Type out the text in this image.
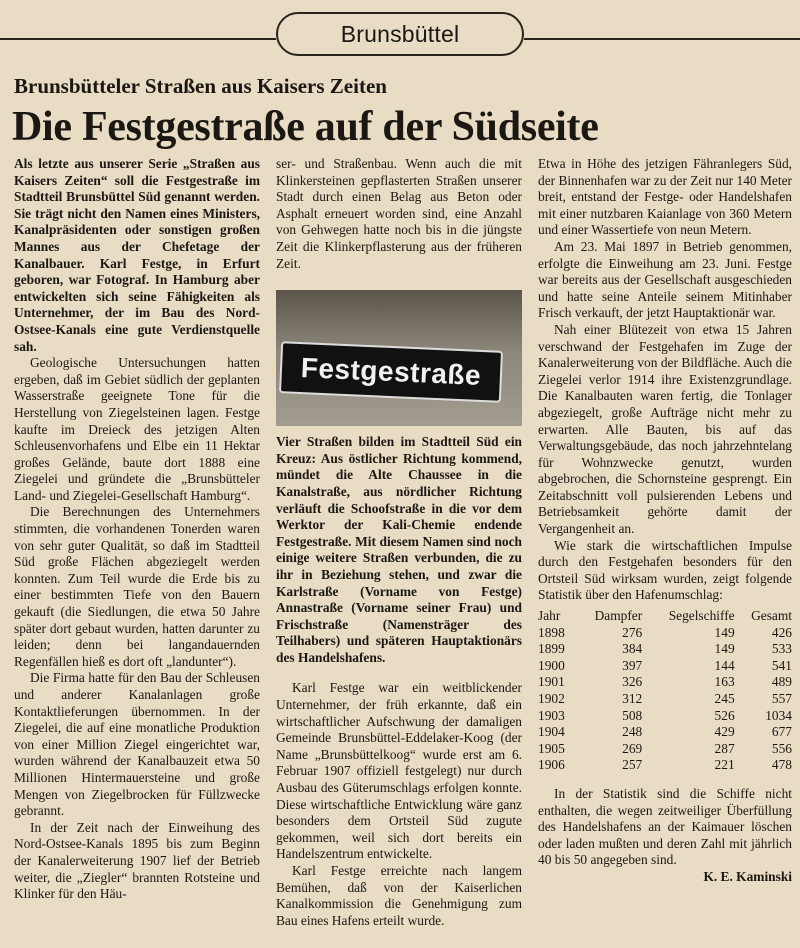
Brunsbüttel
Brunsbütteler Straßen aus Kaisers Zeiten
Die Festgestraße auf der Südseite

Als letzte aus unserer Serie „Straßen aus Kaisers Zeiten“ soll die Festgestraße im Stadtteil Brunsbüttel Süd genannt werden. Sie trägt nicht den Namen eines Ministers, Kanalpräsidenten oder sonstigen großen Mannes aus der Chefetage der Kanalbauer. Karl Festge, in Erfurt geboren, war Fotograf. In Hamburg aber entwickelten sich seine Fähigkeiten als Unternehmer, der im Bau des Nord-Ostsee-Kanals eine gute Verdienstquelle sah.

Geologische Untersuchungen hatten ergeben, daß im Gebiet südlich der geplanten Wasserstraße geeignete Tone für die Herstellung von Ziegelsteinen lagen. Festge kaufte im Dreieck des jetzigen Alten Schleusenvorhafens und Elbe ein 11 Hektar großes Gelände, baute dort 1888 eine Ziegelei und gründete die „Brunsbütteler Land- und Ziegelei-Gesellschaft Hamburg“.

Die Berechnungen des Unternehmers stimmten, die vorhandenen Tonerden waren von sehr guter Qualität, so daß im Stadtteil Süd große Flächen abgeziegelt werden konnten. Zum Teil wurde die Erde bis zu einer bestimmten Tiefe von den Bauern gekauft (die Siedlungen, die etwa 50 Jahre später dort gebaut wurden, hatten darunter zu leiden; denn bei langandauernden Regenfällen hieß es dort oft „landunter“).

Die Firma hatte für den Bau der Schleusen und anderer Kanalanlagen große Kontaktlieferungen übernommen. In der Ziegelei, die auf eine monatliche Produktion von einer Million Ziegel eingerichtet war, wurden während der Kanalbauzeit etwa 50 Millionen Hintermauersteine und große Mengen von Ziegelbrocken für Füllzwecke gebrannt.

In der Zeit nach der Einweihung des Nord-Ostsee-Kanals 1895 bis zum Beginn der Kanalerweiterung 1907 lief der Betrieb weiter, die „Ziegler“ brannten Rotsteine und Klinker für den Häu-

ser- und Straßenbau. Wenn auch die mit Klinkersteinen gepflasterten Straßen unserer Stadt durch einen Belag aus Beton oder Asphalt erneuert worden sind, eine Anzahl von Gehwegen hatte noch bis in die jüngste Zeit die Klinkerpflasterung aus der früheren Zeit.

Festgestraße

Vier Straßen bilden im Stadtteil Süd ein Kreuz: Aus östlicher Richtung kommend, mündet die Alte Chaussee in die Kanalstraße, aus nördlicher Richtung verläuft die Schoofstraße in die vor dem Werktor der Kali-Chemie endende Festgestraße. Mit diesem Namen sind noch einige weitere Straßen verbunden, die zu ihr in Beziehung stehen, und zwar die Karlstraße (Vorname von Festge) Annastraße (Vorname seiner Frau) und Frischstraße (Namensträger des Teilhabers) und späteren Hauptaktionärs des Handelshafens.

Karl Festge war ein weitblickender Unternehmer, der früh erkannte, daß ein wirtschaftlicher Aufschwung der damaligen Gemeinde Brunsbüttel-Eddelaker-Koog (der Name „Brunsbüttelkoog“ wurde erst am 6. Februar 1907 offiziell festgelegt) nur durch Ausbau des Güterumschlags erfolgen konnte. Diese wirtschaftliche Entwicklung wäre ganz besonders dem Ortsteil Süd zugute gekommen, weil sich dort bereits ein Handelszentrum entwickelte.

Karl Festge erreichte nach langem Bemühen, daß von der Kaiserlichen Kanalkommission die Genehmigung zum Bau eines Hafens erteilt wurde.

Etwa in Höhe des jetzigen Fähranlegers Süd, der Binnenhafen war zu der Zeit nur 140 Meter breit, entstand der Festge- oder Handelshafen mit einer nutzbaren Kaianlage von 360 Metern und einer Wassertiefe von neun Metern.

Am 23. Mai 1897 in Betrieb genommen, erfolgte die Einweihung am 23. Juni. Festge war bereits aus der Gesellschaft ausgeschieden und hatte seine Anteile seinem Mitinhaber Frisch verkauft, der jetzt Hauptaktionär war.

Nah einer Blütezeit von etwa 15 Jahren verschwand der Festgehafen im Zuge der Kanalerweiterung von der Bildfläche. Auch die Ziegelei verlor 1914 ihre Existenzgrundlage. Die Kanalbauten waren fertig, die Tonlager abgeziegelt, große Aufträge nicht mehr zu erwarten. Alle Bauten, bis auf das Verwaltungsgebäude, das noch jahrzehntelang für Wohnzwecke genutzt, wurden abgebrochen, die Schornsteine gesprengt. Ein Zeitabschnitt voll pulsierenden Lebens und Betriebsamkeit gehörte damit der Vergangenheit an.

Wie stark die wirtschaftlichen Impulse durch den Festgehafen besonders für den Ortsteil Süd wirksam wurden, zeigt folgende Statistik über den Hafenumschlag:

Jahr	Dampfer	Segelschiffe	Gesamt
1898	276	149	426
1899	384	149	533
1900	397	144	541
1901	326	163	489
1902	312	245	557
1903	508	526	1034
1904	248	429	677
1905	269	287	556
1906	257	221	478

In der Statistik sind die Schiffe nicht enthalten, die wegen zeitweiliger Überfüllung des Handelshafens an der Kaimauer löschen oder laden mußten und deren Zahl mit jährlich 40 bis 50 angegeben sind.

K. E. Kaminski
